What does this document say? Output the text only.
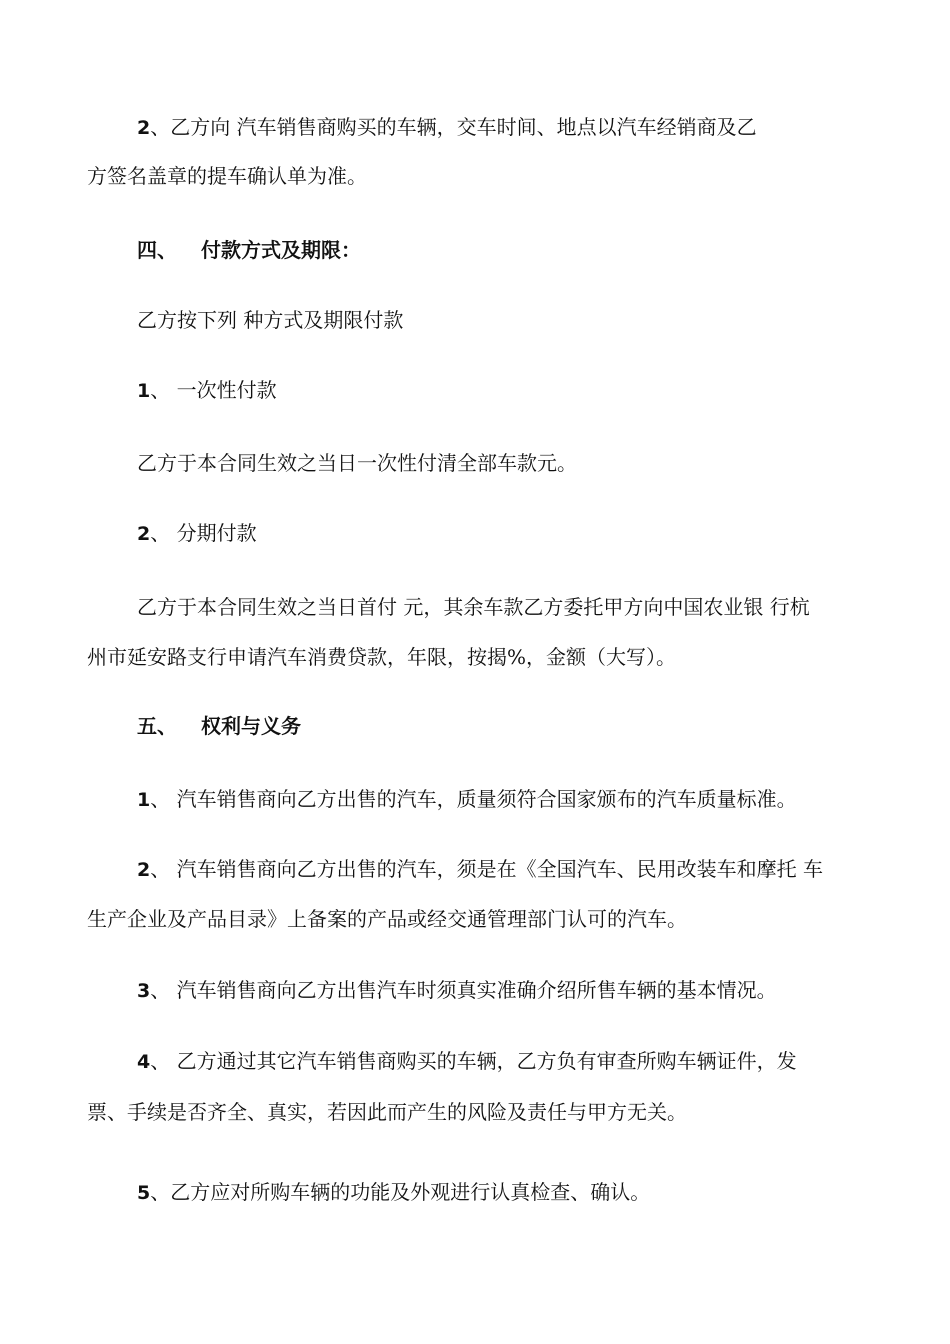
2、乙方向 汽车销售商购买的车辆，交车时间、地点以汽车经销商及乙
方签名盖章的提车确认单为准。
四、 付款方式及期限：
乙方按下列 种方式及期限付款
1、 一次性付款
乙方于本合同生效之当日一次性付清全部车款元。
2、 分期付款
乙方于本合同生效之当日首付 元，其余车款乙方委托甲方向中国农业银 行杭
州市延安路支行申请汽车消费贷款，年限，按揭%，金额（大写）。
五、 权利与义务
1、 汽车销售商向乙方出售的汽车，质量须符合国家颁布的汽车质量标准。
2、 汽车销售商向乙方出售的汽车，须是在《全国汽车、民用改装车和摩托 车
生产企业及产品目录》上备案的产品或经交通管理部门认可的汽车。
3、 汽车销售商向乙方出售汽车时须真实准确介绍所售车辆的基本情况。
4、 乙方通过其它汽车销售商购买的车辆，乙方负有审查所购车辆证件，发
票、手续是否齐全、真实，若因此而产生的风险及责任与甲方无关。
5、乙方应对所购车辆的功能及外观进行认真检查、确认。
